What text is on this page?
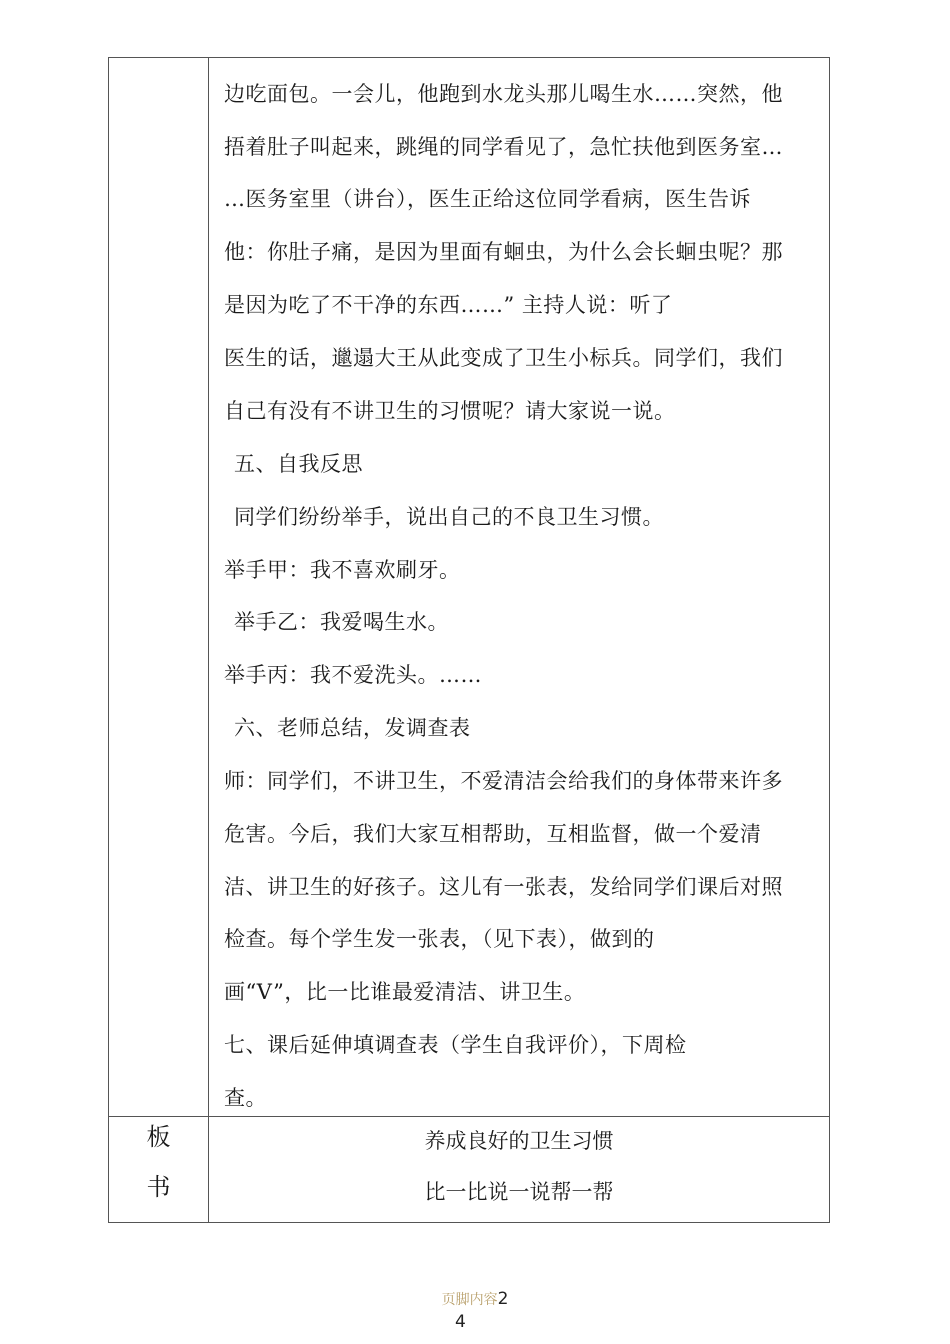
边吃面包。一会儿，他跑到水龙头那儿喝生水……突然，他
捂着肚子叫起来，跳绳的同学看见了，急忙扶他到医务室…
…医务室里（讲台），医生正给这位同学看病，医生告诉
他：你肚子痛，是因为里面有蛔虫，为什么会长蛔虫呢？那
是因为吃了不干净的东西……” 主持人说：听了
医生的话，邋遢大王从此变成了卫生小标兵。同学们，我们
自己有没有不讲卫生的习惯呢？请大家说一说。
五、自我反思
同学们纷纷举手，说出自己的不良卫生习惯。
举手甲：我不喜欢刷牙。
举手乙：我爱喝生水。
举手丙：我不爱洗头。……
六、老师总结，发调查表
师：同学们，不讲卫生，不爱清洁会给我们的身体带来许多
危害。今后，我们大家互相帮助，互相监督，做一个爱清
洁、讲卫生的好孩子。这儿有一张表，发给同学们课后对照
检查。每个学生发一张表，（见下表），做到的
画“V”，比一比谁最爱清洁、讲卫生。
七、课后延伸填调查表（学生自我评价），下周检
查。
板
书
养成良好的卫生习惯
比一比说一说帮一帮
页脚内容2
4
